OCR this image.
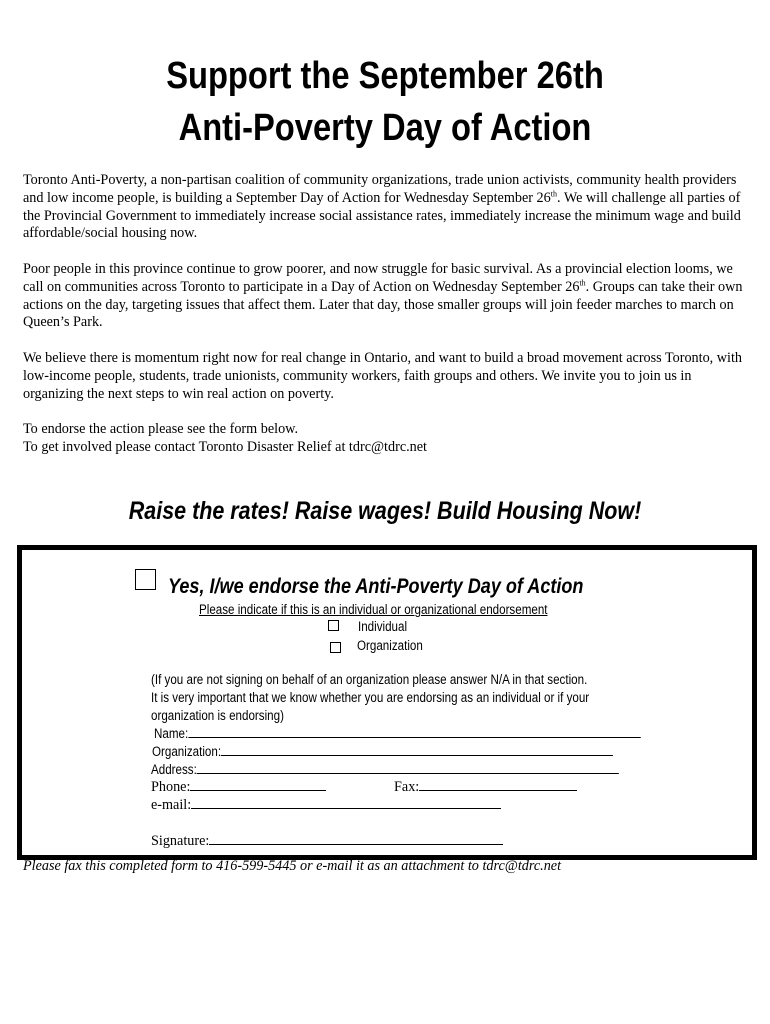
Support the September 26th
Anti-Poverty Day of Action

Toronto Anti-Poverty, a non-partisan coalition of community organizations, trade union activists, community health providers and low income people, is building a September Day of Action for Wednesday September 26th. We will challenge all parties of the Provincial Government to immediately increase social assistance rates, immediately increase the minimum wage and build affordable/social housing now.

Poor people in this province continue to grow poorer, and now struggle for basic survival. As a provincial election looms, we call on communities across Toronto to participate in a Day of Action on Wednesday September 26th. Groups can take their own actions on the day, targeting issues that affect them. Later that day, those smaller groups will join feeder marches to march on Queen’s Park.

We believe there is momentum right now for real change in Ontario, and want to build a broad movement across Toronto, with low-income people, students, trade unionists, community workers, faith groups and others. We invite you to join us in organizing the next steps to win real action on poverty.

To endorse the action please see the form below.

To get involved please contact Toronto Disaster Relief at tdrc@tdrc.net

Raise the rates! Raise wages! Build Housing Now!
Yes, I/we endorse the Anti-Poverty Day of Action
Please indicate if this is an individual or organizational endorsement
Individual
Organization
(If you are not signing on behalf of an organization please answer N/A in that section.
It is very important that we know whether you are endorsing as an individual or if your
organization is endorsing)
Name:
Organization:
Address:
Phone:	Fax:
e-mail:
Signature:
Please fax this completed form to 416-599-5445 or e-mail it as an attachment to tdrc@tdrc.net
